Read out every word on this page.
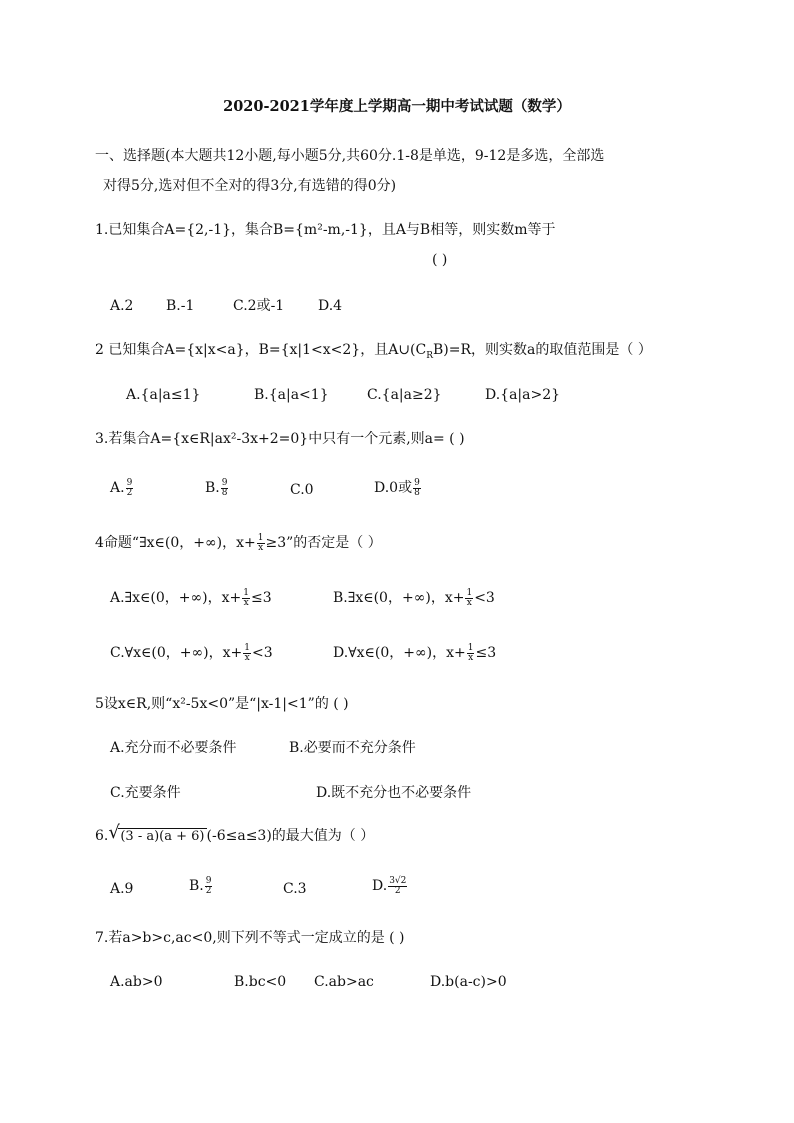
2020-2021学年度上学期高一期中考试试题（数学）
一、选择题(本大题共12小题,每小题5分,共60分.1-8是单选，9-12是多选，全部选
对得5分,选对但不全对的得3分,有选错的得0分)
1.已知集合A={2,-1}，集合B={m²-m,-1}，且A与B相等，则实数m等于
( )
A.2 B.-1	C.2或-1 D.4
2 已知集合A={x|x<a}，B={x|1<x<2}，且$A\cup(C_RB)=R$，则实数a的取值范围是（ ）
A.{a|a≤1}	B.{a|a<1}	C.{a|a≥2}	D.{a|a>2}
3.若集合A={x∈R|ax²-3x+2=0}中只有一个元素,则a= ( )
A. $\frac{9}{2}$	B. $\frac{9}{8}$	C.0	D.0或 $\frac{9}{8}$
4命题“∃x∈(0，+∞)，$x+ \frac{1}{x} \ge 3$”的否定是（ ）
A.∃x∈(0，+∞)，$x+ \frac{1}{x} \le 3$	B.∃x∈(0，+∞)，$x+ \frac{1}{x} <3$
C.∀x∈(0，+∞)，$x+ \frac{1}{x} <3$	D.∀x∈(0，+∞)，$x+ \frac{1}{x} \le 3$
5设x∈R,则“x²-5x<0”是“|x-1|<1”的 ( )
A.充分而不必要条件	B.必要而不充分条件
C.充要条件	D.既不充分也不必要条件
6. √ (3 - a)(a + 6) (-6≤a≤3)的最大值为（ ）
A.9	B. $\frac{9}{2}$	C.3	D. $\frac{3√2}{2}$
7.若a>b>c,ac<0,则下列不等式一定成立的是 ( )
A.ab>0	B.bc<0 C.ab>ac	D.b(a-c)>0
